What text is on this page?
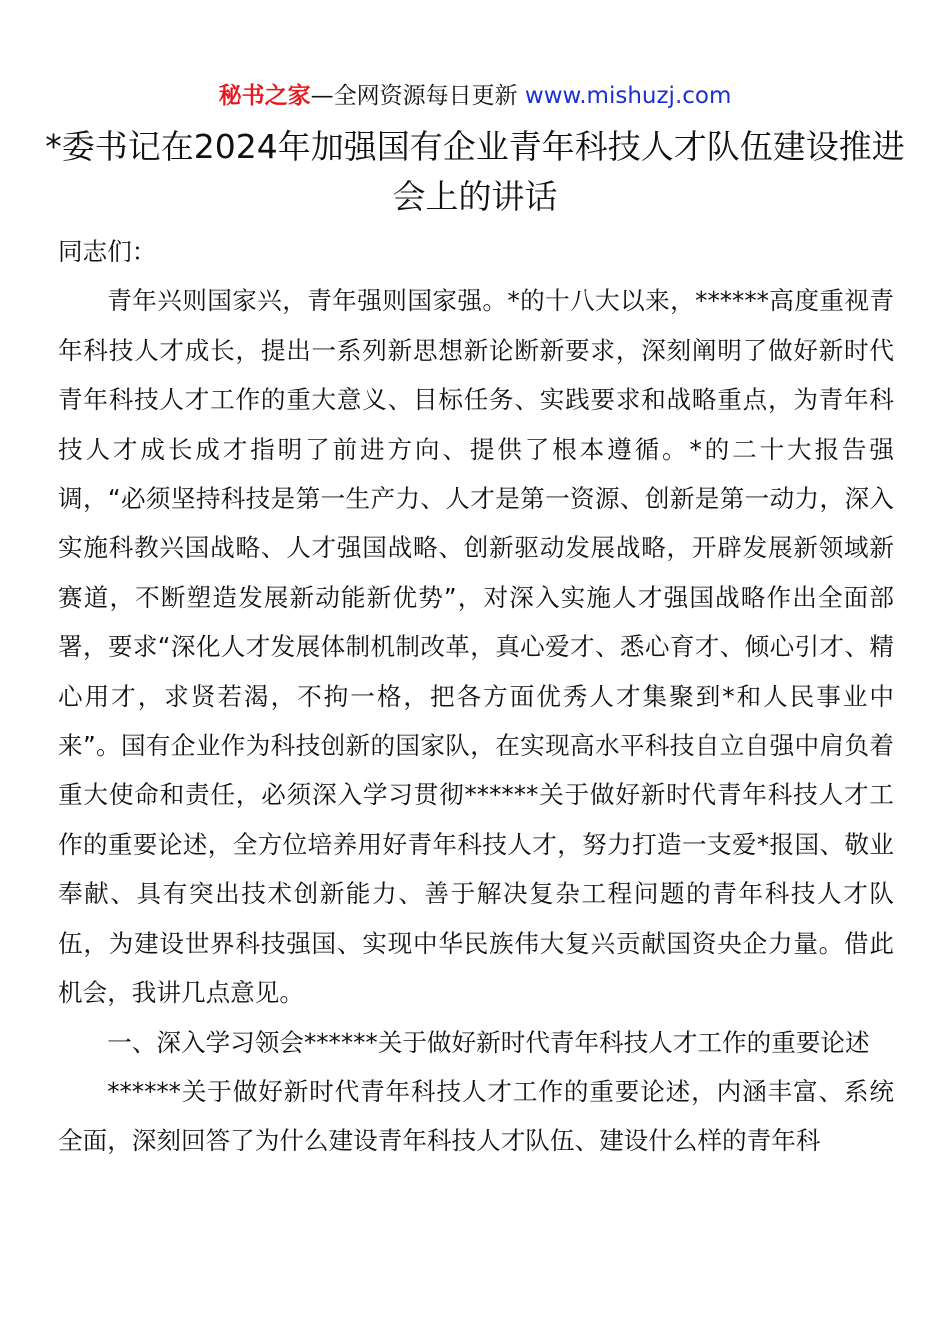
秘书之家—全网资源每日更新 www.mishuzj.com
*委书记在2024年加强国有企业青年科技人才队伍建设推进会上的讲话

同志们：

青年兴则国家兴，青年强则国家强。*的十八大以来，******高度重视青年科技人才成长，提出一系列新思想新论断新要求，深刻阐明了做好新时代青年科技人才工作的重大意义、目标任务、实践要求和战略重点，为青年科技人才成长成才指明了前进方向、提供了根本遵循。*的二十大报告强调，“必须坚持科技是第一生产力、人才是第一资源、创新是第一动力，深入实施科教兴国战略、人才强国战略、创新驱动发展战略，开辟发展新领域新赛道，不断塑造发展新动能新优势”，对深入实施人才强国战略作出全面部署，要求“深化人才发展体制机制改革，真心爱才、悉心育才、倾心引才、精心用才，求贤若渴，不拘一格，把各方面优秀人才集聚到*和人民事业中来”。国有企业作为科技创新的国家队，在实现高水平科技自立自强中肩负着重大使命和责任，必须深入学习贯彻******关于做好新时代青年科技人才工作的重要论述，全方位培养用好青年科技人才，努力打造一支爱*报国、敬业奉献、具有突出技术创新能力、善于解决复杂工程问题的青年科技人才队伍，为建设世界科技强国、实现中华民族伟大复兴贡献国资央企力量。借此机会，我讲几点意见。

一、深入学习领会******关于做好新时代青年科技人才工作的重要论述

******关于做好新时代青年科技人才工作的重要论述，内涵丰富、系统全面，深刻回答了为什么建设青年科技人才队伍、建设什么样的青年科
